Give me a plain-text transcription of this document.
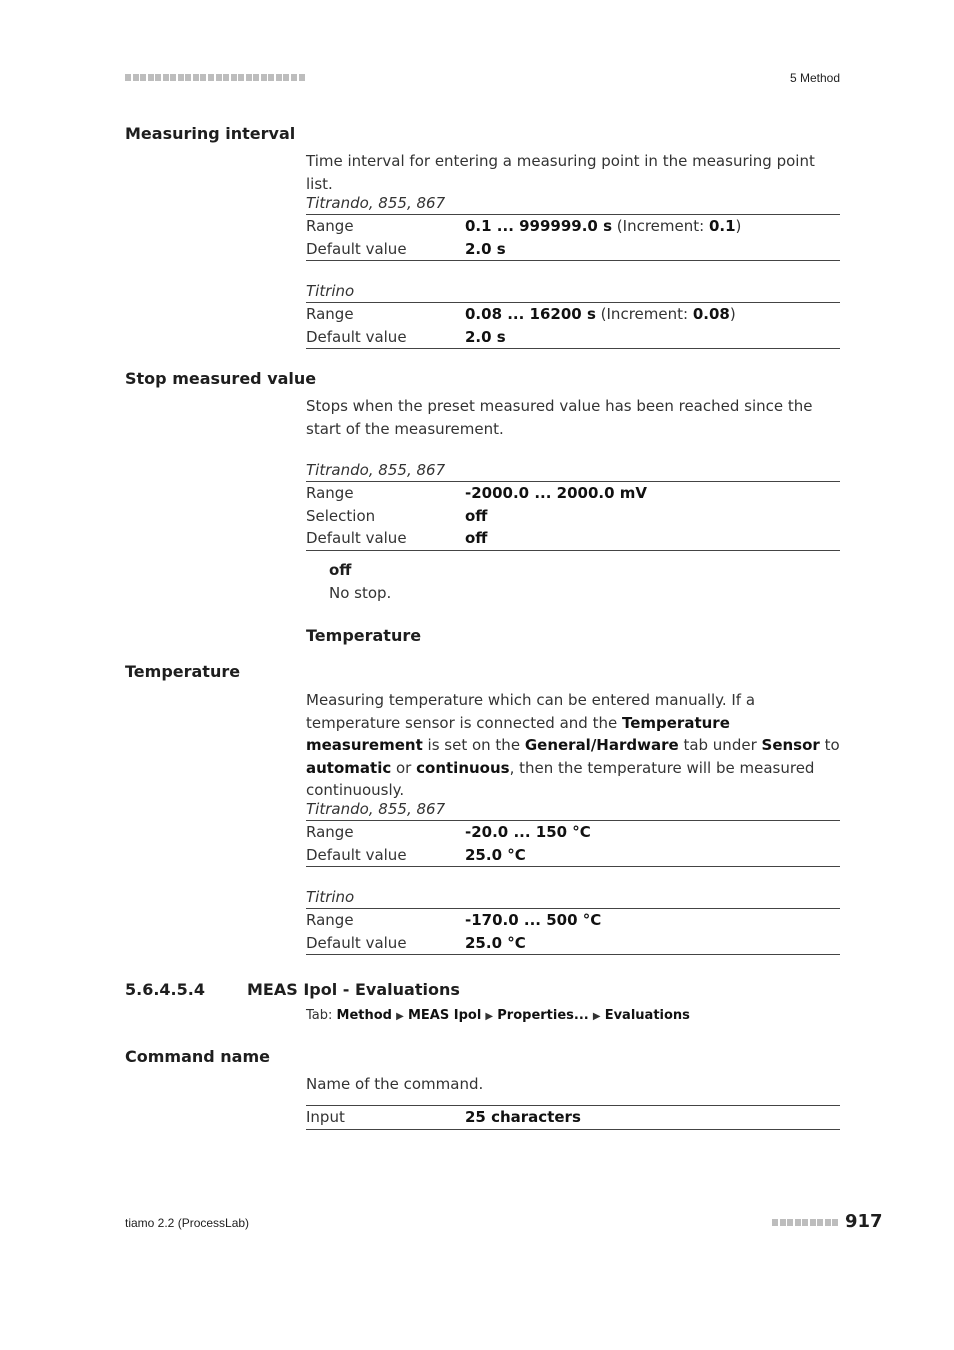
5 Method
Measuring interval
Time interval for entering a measuring point in the measuring point list.
Titrando, 855, 867
Range	0.1 ... 999999.0 s (Increment: 0.1)
Default value	2.0 s
Titrino
Range	0.08 ... 16200 s (Increment: 0.08)
Default value	2.0 s
Stop measured value
Stops when the preset measured value has been reached since the start of the measurement.
Titrando, 855, 867
Range	-2000.0 ... 2000.0 mV
Selection	off
Default value	off
off
No stop.
Temperature
Temperature
Measuring temperature which can be entered manually. If a temperature sensor is connected and the Temperature measurement is set on the General/Hardware tab under Sensor to automatic or continuous, then the temperature will be measured continuously.
Titrando, 855, 867
Range	-20.0 ... 150 °C
Default value	25.0 °C
Titrino
Range	-170.0 ... 500 °C
Default value	25.0 °C
5.6.4.5.4	MEAS Ipol - Evaluations
Tab: Method ▶ MEAS Ipol ▶ Properties... ▶ Evaluations
Command name
Name of the command.
Input	25 characters
tiamo 2.2 (ProcessLab)	917
